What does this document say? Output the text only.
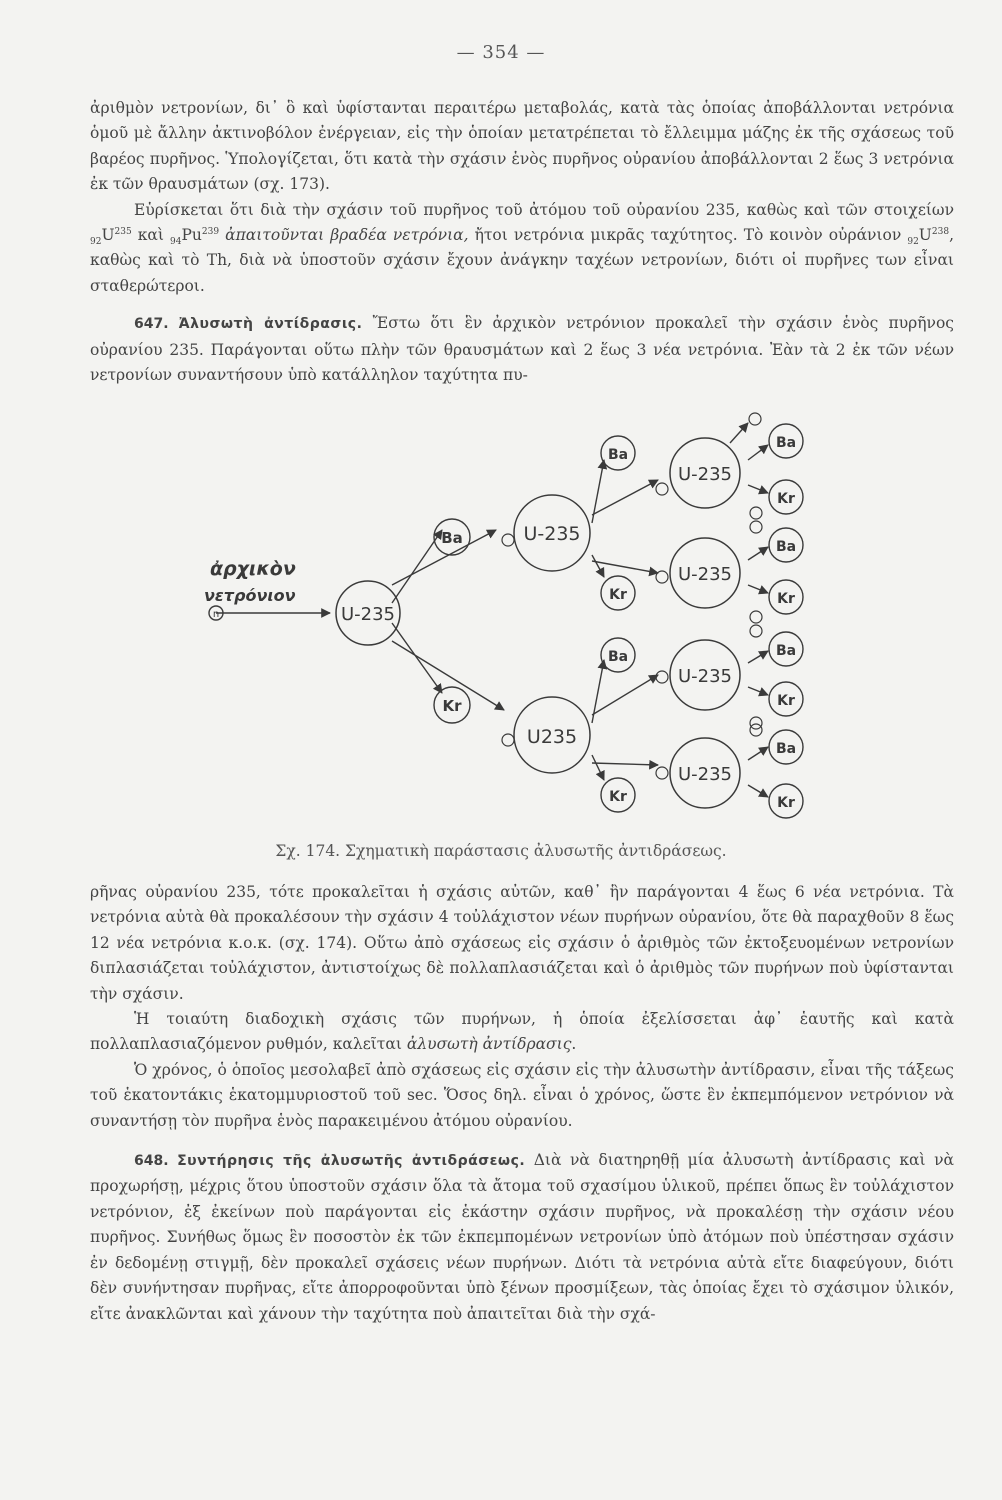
— 354 —

ἀριθμὸν νετρονίων, δι᾽ ὃ καὶ ὑφίστανται περαιτέρω μεταβολάς, κατὰ τὰς ὁποίας ἀποβάλλονται νετρόνια ὁμοῦ μὲ ἄλλην ἀκτινοβόλον ἐνέργειαν, εἰς τὴν ὁποίαν μετατρέπεται τὸ ἔλλειμμα μάζης ἐκ τῆς σχάσεως τοῦ βαρέος πυρῆνος. Ὑπολογίζεται, ὅτι κατὰ τὴν σχάσιν ἑνὸς πυρῆνος οὐρανίου ἀποβάλλονται 2 ἕως 3 νετρόνια ἐκ τῶν θραυσμάτων (σχ. 173).

Εὑρίσκεται ὅτι διὰ τὴν σχάσιν τοῦ πυρῆνος τοῦ ἀτόμου τοῦ οὐρανίου 235, καθὼς καὶ τῶν στοιχείων $_{92}U^{235}$ καὶ $_{94}Pu^{239}$ ἀπαιτοῦνται βραδέα νετρόνια, ἤτοι νετρόνια μικρᾶς ταχύτητος. Τὸ κοινὸν οὐράνιον $_{92}U^{238}$, καθὼς καὶ τὸ Th, διὰ νὰ ὑποστοῦν σχάσιν ἔχουν ἀνάγκην ταχέων νετρονίων, διότι οἱ πυρῆνες των εἶναι σταθερώτεροι.

647. Ἀλυσωτὴ ἀντίδρασις. Ἔστω ὅτι ἓν ἀρχικὸν νετρόνιον προκαλεῖ τὴν σχάσιν ἑνὸς πυρῆνος οὐρανίου 235. Παράγονται οὕτω πλὴν τῶν θραυσμάτων καὶ 2 ἕως 3 νέα νετρόνια. Ἐὰν τὰ 2 ἐκ τῶν νέων νετρονίων συναντήσουν ὑπὸ κατάλληλον ταχύτητα πυ-

ἀρχικὸν
νετρόνιον
n	U-235
Ba
Kr
U-235
U235
Ba
Kr
Ba
Kr
U-235
U-235
U-235
U-235
Ba
Kr
Ba
Kr
Ba
Kr
Ba
Kr
Σχ. 174. Σχηματικὴ παράστασις ἀλυσωτῆς ἀντιδράσεως.

ρῆνας οὐρανίου 235, τότε προκαλεῖται ἡ σχάσις αὐτῶν, καθ᾽ ἣν παράγονται 4 ἕως 6 νέα νετρόνια. Τὰ νετρόνια αὐτὰ θὰ προκαλέσουν τὴν σχάσιν 4 τοὐλάχιστον νέων πυρήνων οὐρανίου, ὅτε θὰ παραχθοῦν 8 ἕως 12 νέα νετρόνια κ.ο.κ. (σχ. 174). Οὕτω ἀπὸ σχάσεως εἰς σχάσιν ὁ ἀριθμὸς τῶν ἐκτοξευομένων νετρονίων διπλασιάζεται τοὐλάχιστον, ἀντιστοίχως δὲ πολλαπλασιάζεται καὶ ὁ ἀριθμὸς τῶν πυρήνων ποὺ ὑφίστανται τὴν σχάσιν.

Ἡ τοιαύτη διαδοχικὴ σχάσις τῶν πυρήνων, ἡ ὁποία ἐξελίσσεται ἀφ᾽ ἑαυτῆς καὶ κατὰ πολλαπλασιαζόμενον ρυθμόν, καλεῖται ἀλυσωτὴ ἀντίδρασις.

Ὁ χρόνος, ὁ ὁποῖος μεσολαβεῖ ἀπὸ σχάσεως εἰς σχάσιν εἰς τὴν ἀλυσωτὴν ἀντίδρασιν, εἶναι τῆς τάξεως τοῦ ἑκατοντάκις ἑκατομμυριοστοῦ τοῦ sec. Ὅσος δηλ. εἶναι ὁ χρόνος, ὥστε ἓν ἐκπεμπόμενον νετρόνιον νὰ συναντήσῃ τὸν πυρῆνα ἑνὸς παρακειμένου ἀτόμου οὐρανίου.

648. Συντήρησις τῆς ἀλυσωτῆς ἀντιδράσεως. Διὰ νὰ διατηρηθῇ μία ἀλυσωτὴ ἀντίδρασις καὶ νὰ προχωρήσῃ, μέχρις ὅτου ὑποστοῦν σχάσιν ὅλα τὰ ἄτομα τοῦ σχασίμου ὑλικοῦ, πρέπει ὅπως ἓν τοὐλάχιστον νετρόνιον, ἐξ ἐκείνων ποὺ παράγονται εἰς ἑκάστην σχάσιν πυρῆνος, νὰ προκαλέσῃ τὴν σχάσιν νέου πυρῆνος. Συνήθως ὅμως ἓν ποσοστὸν ἐκ τῶν ἐκπεμπομένων νετρονίων ὑπὸ ἀτόμων ποὺ ὑπέστησαν σχάσιν ἐν δεδομένῃ στιγμῇ, δὲν προκαλεῖ σχάσεις νέων πυρήνων. Διότι τὰ νετρόνια αὐτὰ εἴτε διαφεύγουν, διότι δὲν συνήντησαν πυρῆνας, εἴτε ἀπορροφοῦνται ὑπὸ ξένων προσμίξεων, τὰς ὁποίας ἔχει τὸ σχάσιμον ὑλικόν, εἴτε ἀνακλῶνται καὶ χάνουν τὴν ταχύτητα ποὺ ἀπαιτεῖται διὰ τὴν σχά-
